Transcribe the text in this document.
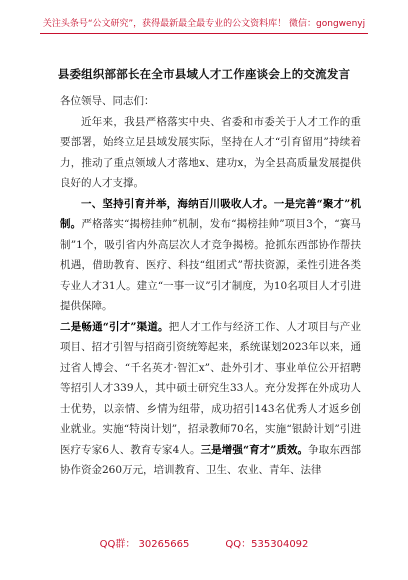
关注头条号“公文研究”，获得最新最全最专业的公文资料库！ 微信：gongwenyj
县委组织部部长在全市县域人才工作座谈会上的交流发言

各位领导、同志们：

近年来，我县严格落实中央、省委和市委关于人才工作的重要部署，始终立足县域发展实际，坚持在人才“引育留用”持续着力，推动了重点领域人才落地x、建功x，为全县高质量发展提供良好的人才支撑。

一、坚持引育并举，海纳百川吸收人才。一是完善“聚才”机制。严格落实“揭榜挂帅”机制，发布“揭榜挂帅”项目3个，“赛马制”1个，吸引省内外高层次人才竞争揭榜。抢抓东西部协作帮扶机遇，借助教育、医疗、科技“组团式”帮扶资源，柔性引进各类专业人才31人。建立“一事一议”引才制度，为10名项目人才引进提供保障。

二是畅通“引才”渠道。把人才工作与经济工作、人才项目与产业项目、招才引智与招商引资统筹起来，系统谋划2023年以来，通过省人博会、“千名英才·智汇x”、赴外引才、事业单位公开招聘等招引人才339人，其中硕士研究生33人。充分发挥在外成功人士优势，以亲情、乡情为纽带，成功招引143名优秀人才返乡创业就业。实施“特岗计划”，招录教师70名，实施“银龄计划”引进医疗专家6人、教育专家4人。三是增强“育才”质效。争取东西部协作资金260万元，培训教育、卫生、农业、青年、法律

QQ群： 30265665	QQ：535304092
